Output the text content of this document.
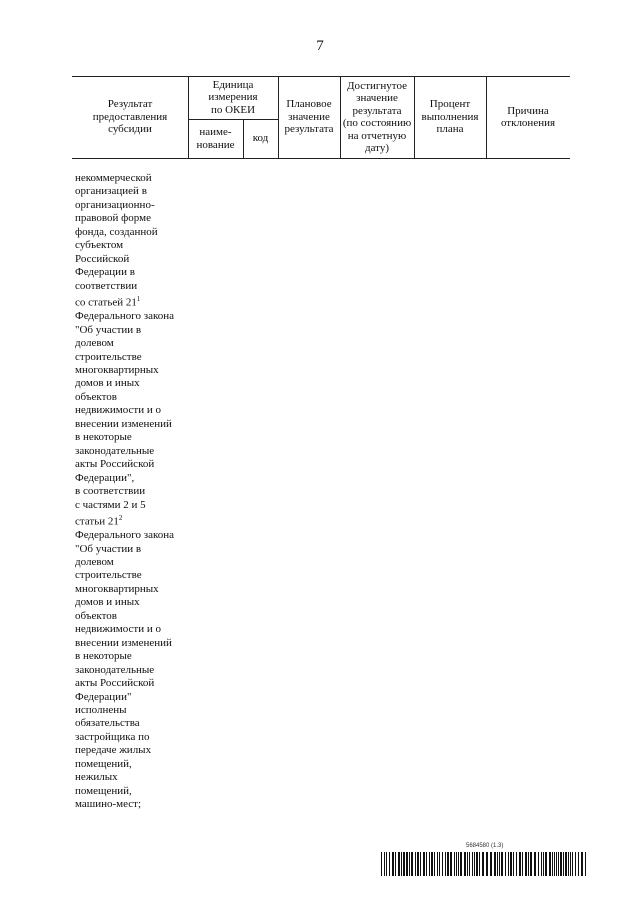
7
Результат
предоставления
субсидии
Единица
измерения
по ОКЕИ
наиме-
нование
код
Плановое
значение
результата
Достигнутое
значение
результата
(по состоянию
на отчетную
дату)
Процент
выполнения
плана
Причина
отклонения
некоммерческой
организацией в
организационно-
правовой форме
фонда, созданной
субъектом
Российской
Федерации в
соответствии
со статьей $21^1$
Федерального закона
"Об участии в
долевом
строительстве
многоквартирных
домов и иных
объектов
недвижимости и о
внесении изменений
в некоторые
законодательные
акты Российской
Федерации",
в соответствии
с частями 2 и 5
статьи $21^2$
Федерального закона
"Об участии в
долевом
строительстве
многоквартирных
домов и иных
объектов
недвижимости и о
внесении изменений
в некоторые
законодательные
акты Российской
Федерации"
исполнены
обязательства
застройщика по
передаче жилых
помещений,
нежилых
помещений,
машино-мест;
5684580 (1.3)
